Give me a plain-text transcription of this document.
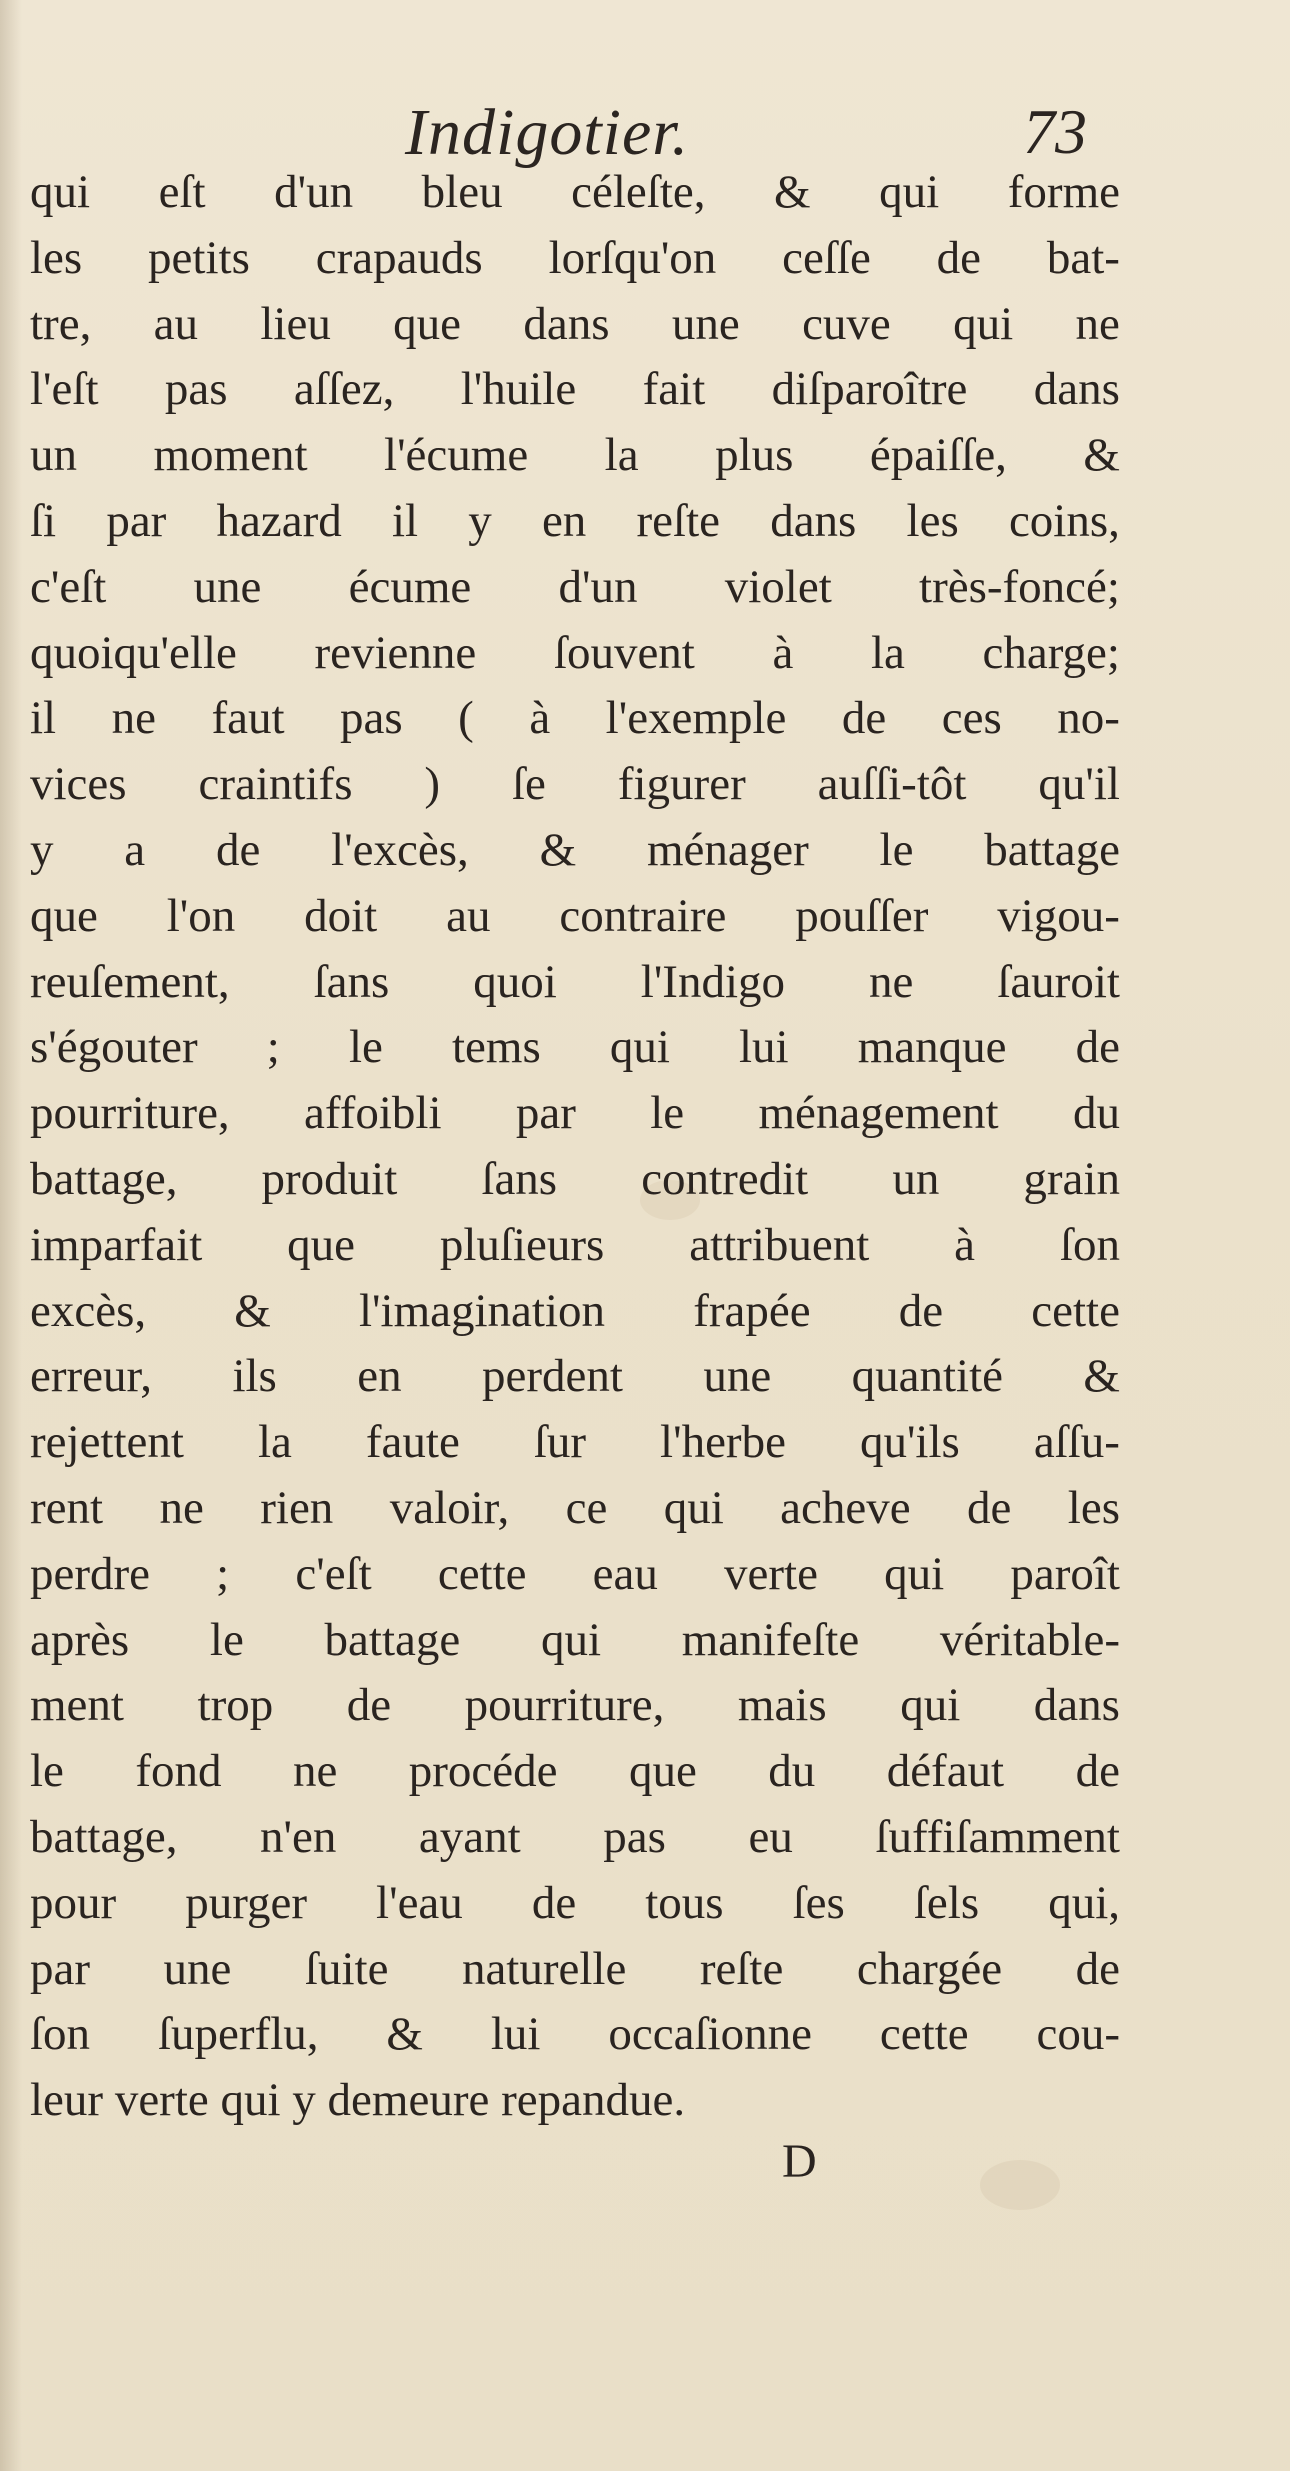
Indigotier.	73
qui eſt d'un bleu céleſte, & qui forme
les petits crapauds lorſqu'on ceſſe de bat-
tre, au lieu que dans une cuve qui ne
l'eſt pas aſſez, l'huile fait diſparoître dans
un moment l'écume la plus épaiſſe, &
ſi par hazard il y en reſte dans les coins,
c'eſt une écume d'un violet très-foncé;
quoiqu'elle revienne ſouvent à la charge;
il ne faut pas ( à l'exemple de ces no-
vices craintifs ) ſe figurer auſſi-tôt qu'il
y a de l'excès, & ménager le battage
que l'on doit au contraire pouſſer vigou-
reuſement, ſans quoi l'Indigo ne ſauroit
s'égouter ; le tems qui lui manque de
pourriture, affoibli par le ménagement du
battage, produit ſans contredit un grain
imparfait que pluſieurs attribuent à ſon
excès, & l'imagination frapée de cette
erreur, ils en perdent une quantité &
rejettent la faute ſur l'herbe qu'ils aſſu-
rent ne rien valoir, ce qui acheve de les
perdre ; c'eſt cette eau verte qui paroît
après le battage qui manifeſte véritable-
ment trop de pourriture, mais qui dans
le fond ne procéde que du défaut de
battage, n'en ayant pas eu ſuffiſamment
pour purger l'eau de tous ſes ſels qui,
par une ſuite naturelle reſte chargée de
ſon ſuperflu, & lui occaſionne cette cou-
leur verte qui y demeure repandue.
D
